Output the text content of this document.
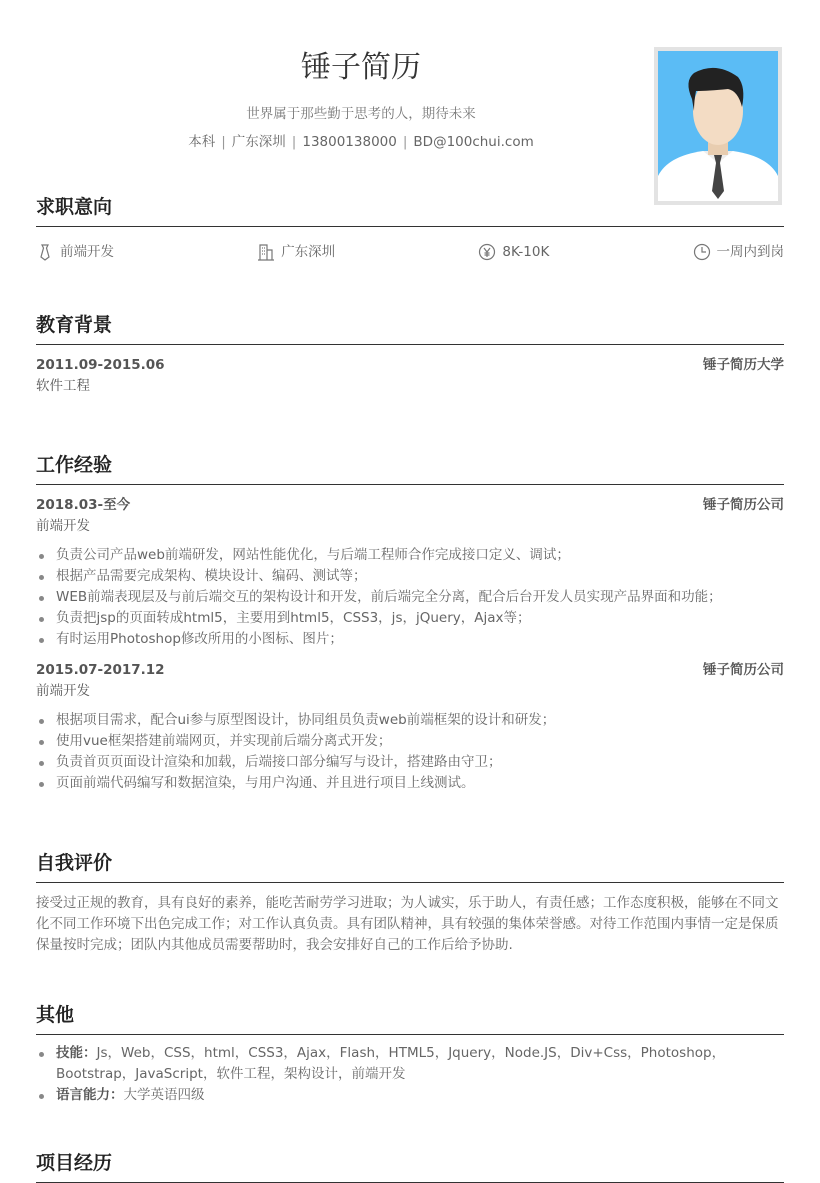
锤子简历
世界属于那些勤于思考的人，期待未来
本科 | 广东深圳 | 13800138000 | BD@100chui.com
求职意向
前端开发	广东深圳	8K-10K	一周内到岗
教育背景
2011.09-2015.06	锤子简历大学
软件工程
工作经验
2018.03-至今	锤子简历公司
前端开发
负责公司产品web前端研发，网站性能优化，与后端工程师合作完成接口定义、调试；
根据产品需要完成架构、模块设计、编码、测试等；
WEB前端表现层及与前后端交互的架构设计和开发，前后端完全分离，配合后台开发人员实现产品界面和功能；
负责把jsp的页面转成html5，主要用到html5，CSS3，js，jQuery，Ajax等；
有时运用Photoshop修改所用的小图标、图片；
2015.07-2017.12	锤子简历公司
前端开发
根据项目需求，配合ui参与原型图设计，协同组员负责web前端框架的设计和研发；
使用vue框架搭建前端网页，并实现前后端分离式开发；
负责首页页面设计渲染和加载，后端接口部分编写与设计，搭建路由守卫；
页面前端代码编写和数据渲染，与用户沟通、并且进行项目上线测试。
自我评价
接受过正规的教育，具有良好的素养，能吃苦耐劳学习进取；为人诚实，乐于助人，有责任感；工作态度积极，能够在不同文化不同工作环境下出色完成工作；对工作认真负责。具有团队精神，具有较强的集体荣誉感。对待工作范围内事情一定是保质保量按时完成；团队内其他成员需要帮助时，我会安排好自己的工作后给予协助.
其他
技能：Js，Web，CSS，html，CSS3，Ajax，Flash，HTML5，Jquery，Node.JS，Div+Css，Photoshop，Bootstrap，JavaScript，软件工程，架构设计，前端开发
语言能力：大学英语四级
项目经历
